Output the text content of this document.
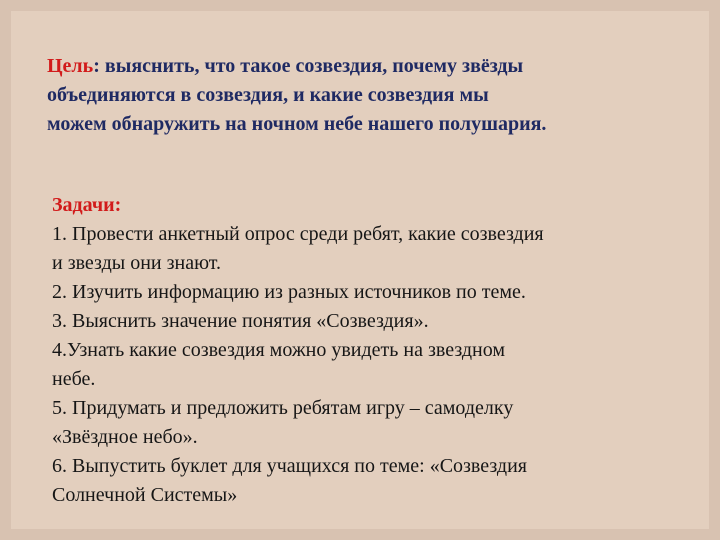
Цель: выяснить, что такое созвездия, почему звёзды
объединяются в созвездия, и какие созвездия мы
можем обнаружить на ночном небе нашего полушария.
Задачи:
1. Провести анкетный опрос среди ребят, какие созвездия
и звезды они знают.
2. Изучить информацию из разных источников по теме.
3. Выяснить значение понятия «Созвездия».
4.Узнать какие созвездия можно увидеть на звездном
небе.
5. Придумать и предложить ребятам игру – самоделку
«Звёздное небо».
6. Выпустить буклет для учащихся по теме: «Созвездия
Солнечной Системы»
